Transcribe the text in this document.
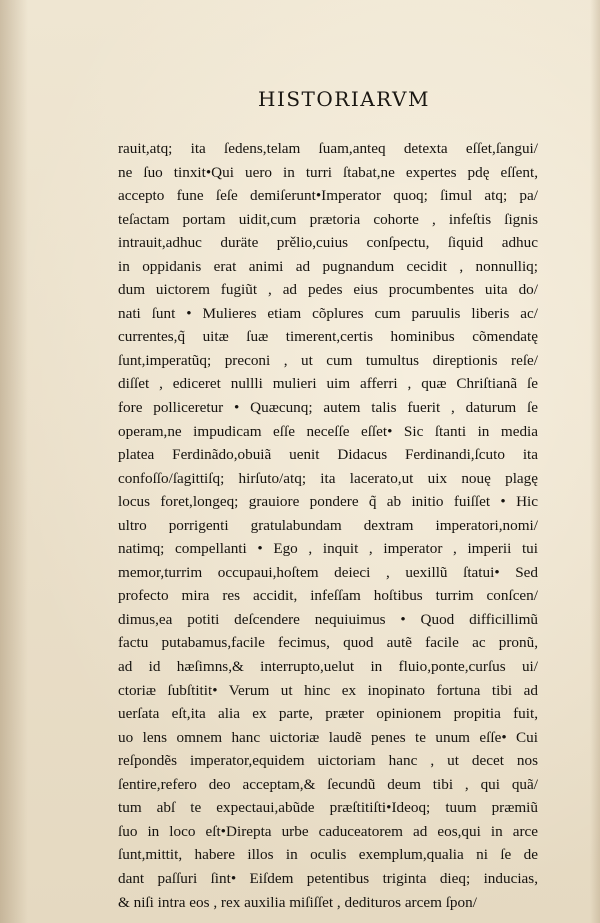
HISTORIARVM
rauit,atq; ita ſedens,telam ſuam,anteq detexta eſſet,ſangui/
ne ſuo tinxit•Qui uero in turri ſtabat,ne expertes pdę eſſent,
accepto fune ſeſe demiſerunt•Imperator quoq; ſimul atq; pa/
teſactam portam uidit,cum prætoria cohorte , infeſtis ſignis
intrauit,adhuc duräte prělio,cuius conſpectu, ſiquid adhuc
in oppidanis erat animi ad pugnandum cecidit , nonnulliq;
dum uictorem fugiũt , ad pedes eius procumbentes uita do/
nati ſunt • Mulieres etiam cõplures cum paruulis liberis ac/
currentes,q̃ uitæ ſuæ timerent,certis hominibus cõmendatę
ſunt,imperatũq; preconi , ut cum tumultus direptionis reſe/
diſſet , ediceret nullli mulieri uim afferri , quæ Chriſtianã ſe
fore polliceretur • Quæcunq; autem talis fuerit , daturum ſe
operam,ne impudicam eſſe neceſſe eſſet• Sic ſtanti in media
platea Ferdinãdo,obuiã uenit Didacus Ferdinandi,ſcuto ita
confoſſo/ſagittiſq; hirſuto/atq; ita lacerato,ut uix nouę plagę
locus foret,longeq; grauiore pondere q̃ ab initio fuiſſet • Hic
ultro porrigenti gratulabundam dextram imperatori,nomi/
natimq; compellanti • Ego , inquit , imperator , imperii tui
memor,turrim occupaui,hoſtem deieci , uexillũ ſtatui• Sed
profecto mira res accidit, infeſſam hoſtibus turrim conſcen/
dimus,ea potiti deſcendere nequiuimus • Quod difficillimũ
factu putabamus,facile fecimus, quod autẽ facile ac pronũ,
ad id hæſimns,& interrupto,uelut in fluio,ponte,curſus ui/
ctoriæ ſubſtitit• Verum ut hinc ex inopinato fortuna tibi ad
uerſata eſt,ita alia ex parte, præter opinionem propitia fuit,
uo lens omnem hanc uictoriæ laudẽ penes te unum eſſe• Cui
reſpondẽs imperator,equidem uictoriam hanc , ut decet nos
ſentire,refero deo acceptam,& ſecundũ deum tibi , qui quã/
tum abſ te expectaui,abũde præſtitiſti•Ideoq; tuum præmiũ
ſuo in loco eſt•Direpta urbe caduceatorem ad eos,qui in arce
ſunt,mittit, habere illos in oculis exemplum,qualia ni ſe de
dant paſſuri ſint• Eiſdem petentibus triginta dieq; inducias,
& niſi intra eos , rex auxilia miſiſſet , dedituros arcem ſpon/
